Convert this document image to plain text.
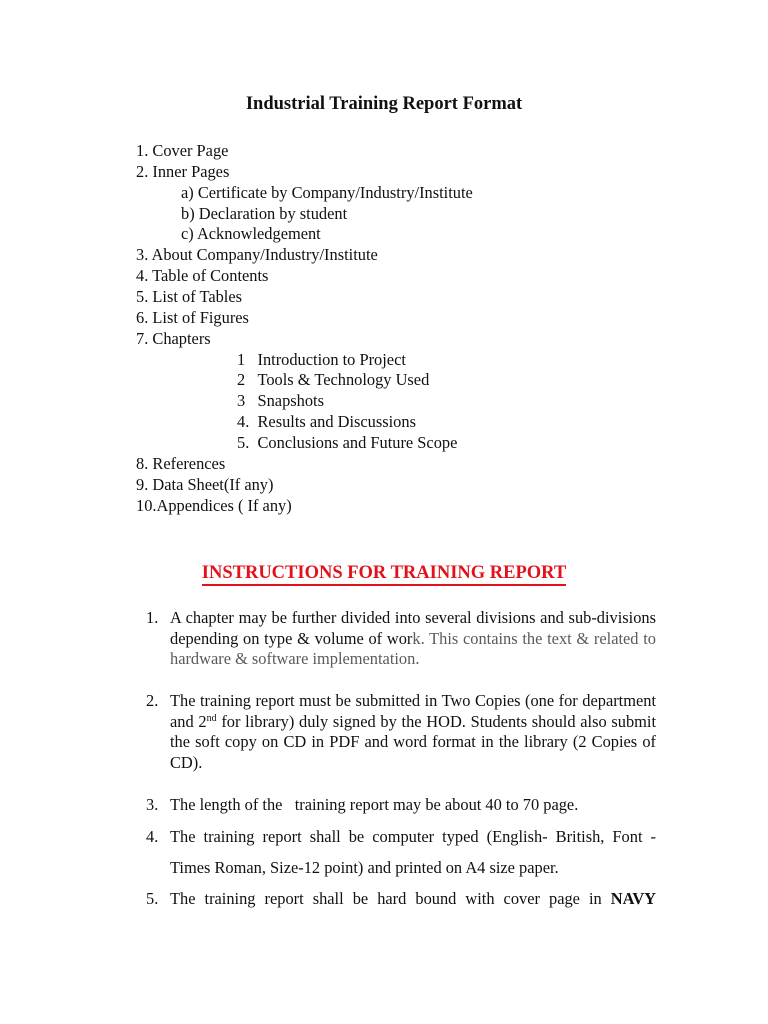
Industrial Training Report Format
1. Cover Page
2. Inner Pages
a) Certificate by Company/Industry/Institute
b) Declaration by student
c) Acknowledgement
3. About Company/Industry/Institute
4. Table of Contents
5. List of Tables
6. List of Figures
7. Chapters
1 Introduction to Project
2 Tools & Technology Used
3 Snapshots
4. Results and Discussions
5. Conclusions and Future Scope
8. References
9. Data Sheet(If any)
10.Appendices ( If any)
INSTRUCTIONS FOR TRAINING REPORT
1. A chapter may be further divided into several divisions and sub-divisions depending on type & volume of work. This contains the text & related to hardware & software implementation.
2. The training report must be submitted in Two Copies (one for department and 2nd for library) duly signed by the HOD. Students should also submit the soft copy on CD in PDF and word format in the library (2 Copies of CD).
3. The length of the   training report may be about 40 to 70 page.
4. The training report shall be computer typed (English- British, Font -
Times Roman, Size-12 point) and printed on A4 size paper.
5. The training report shall be hard bound with cover page in NAVY
